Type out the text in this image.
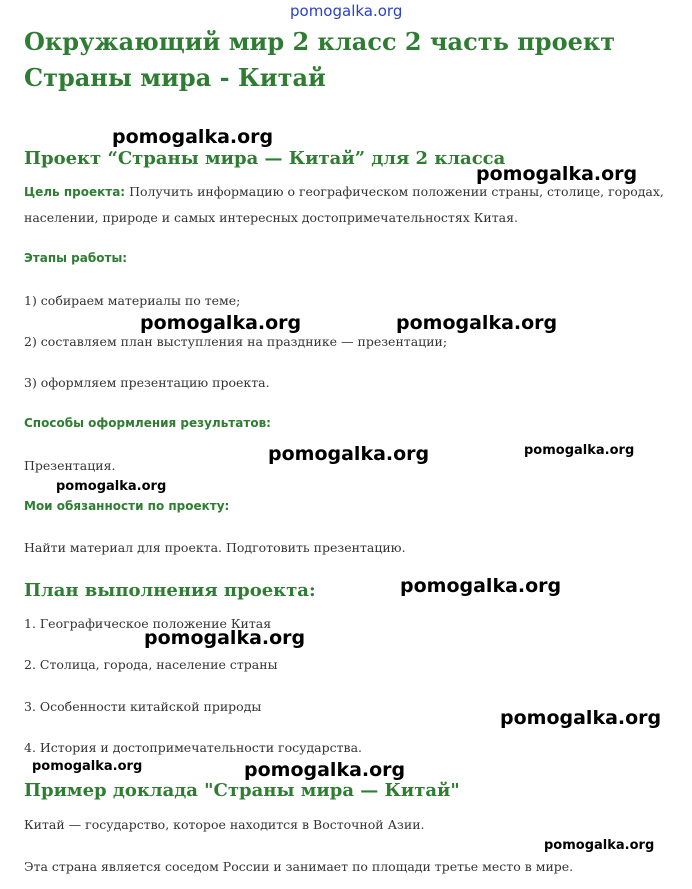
pomogalka.org
Окружающий мир 2 класс 2 часть проект Страны мира - Китай
Проект “Страны мира — Китай” для 2 класса
Цель проекта: Получить информацию о географическом положении страны, столице, городах, населении, природе и самых интересных достопримечательностях Китая.
Этапы работы:
1) собираем материалы по теме;
2) составляем план выступления на празднике — презентации;
3) оформляем презентацию проекта.
Способы оформления результатов:
Презентация.
Мои обязанности по проекту:
Найти материал для проекта. Подготовить презентацию.
План выполнения проекта:
1. Географическое положение Китая
2. Столица, города, население страны
3. Особенности китайской природы
4. История и достопримечательности государства.
Пример доклада "Страны мира — Китай"
Китай — государство, которое находится в Восточной Азии.
Эта страна является соседом России и занимает по площади третье место в мире.
pomogalka.org
pomogalka.org
pomogalka.org	pomogalka.org
pomogalka.org	pomogalka.org
pomogalka.org
pomogalka.org
pomogalka.org
pomogalka.org
pomogalka.org	pomogalka.org
pomogalka.org
